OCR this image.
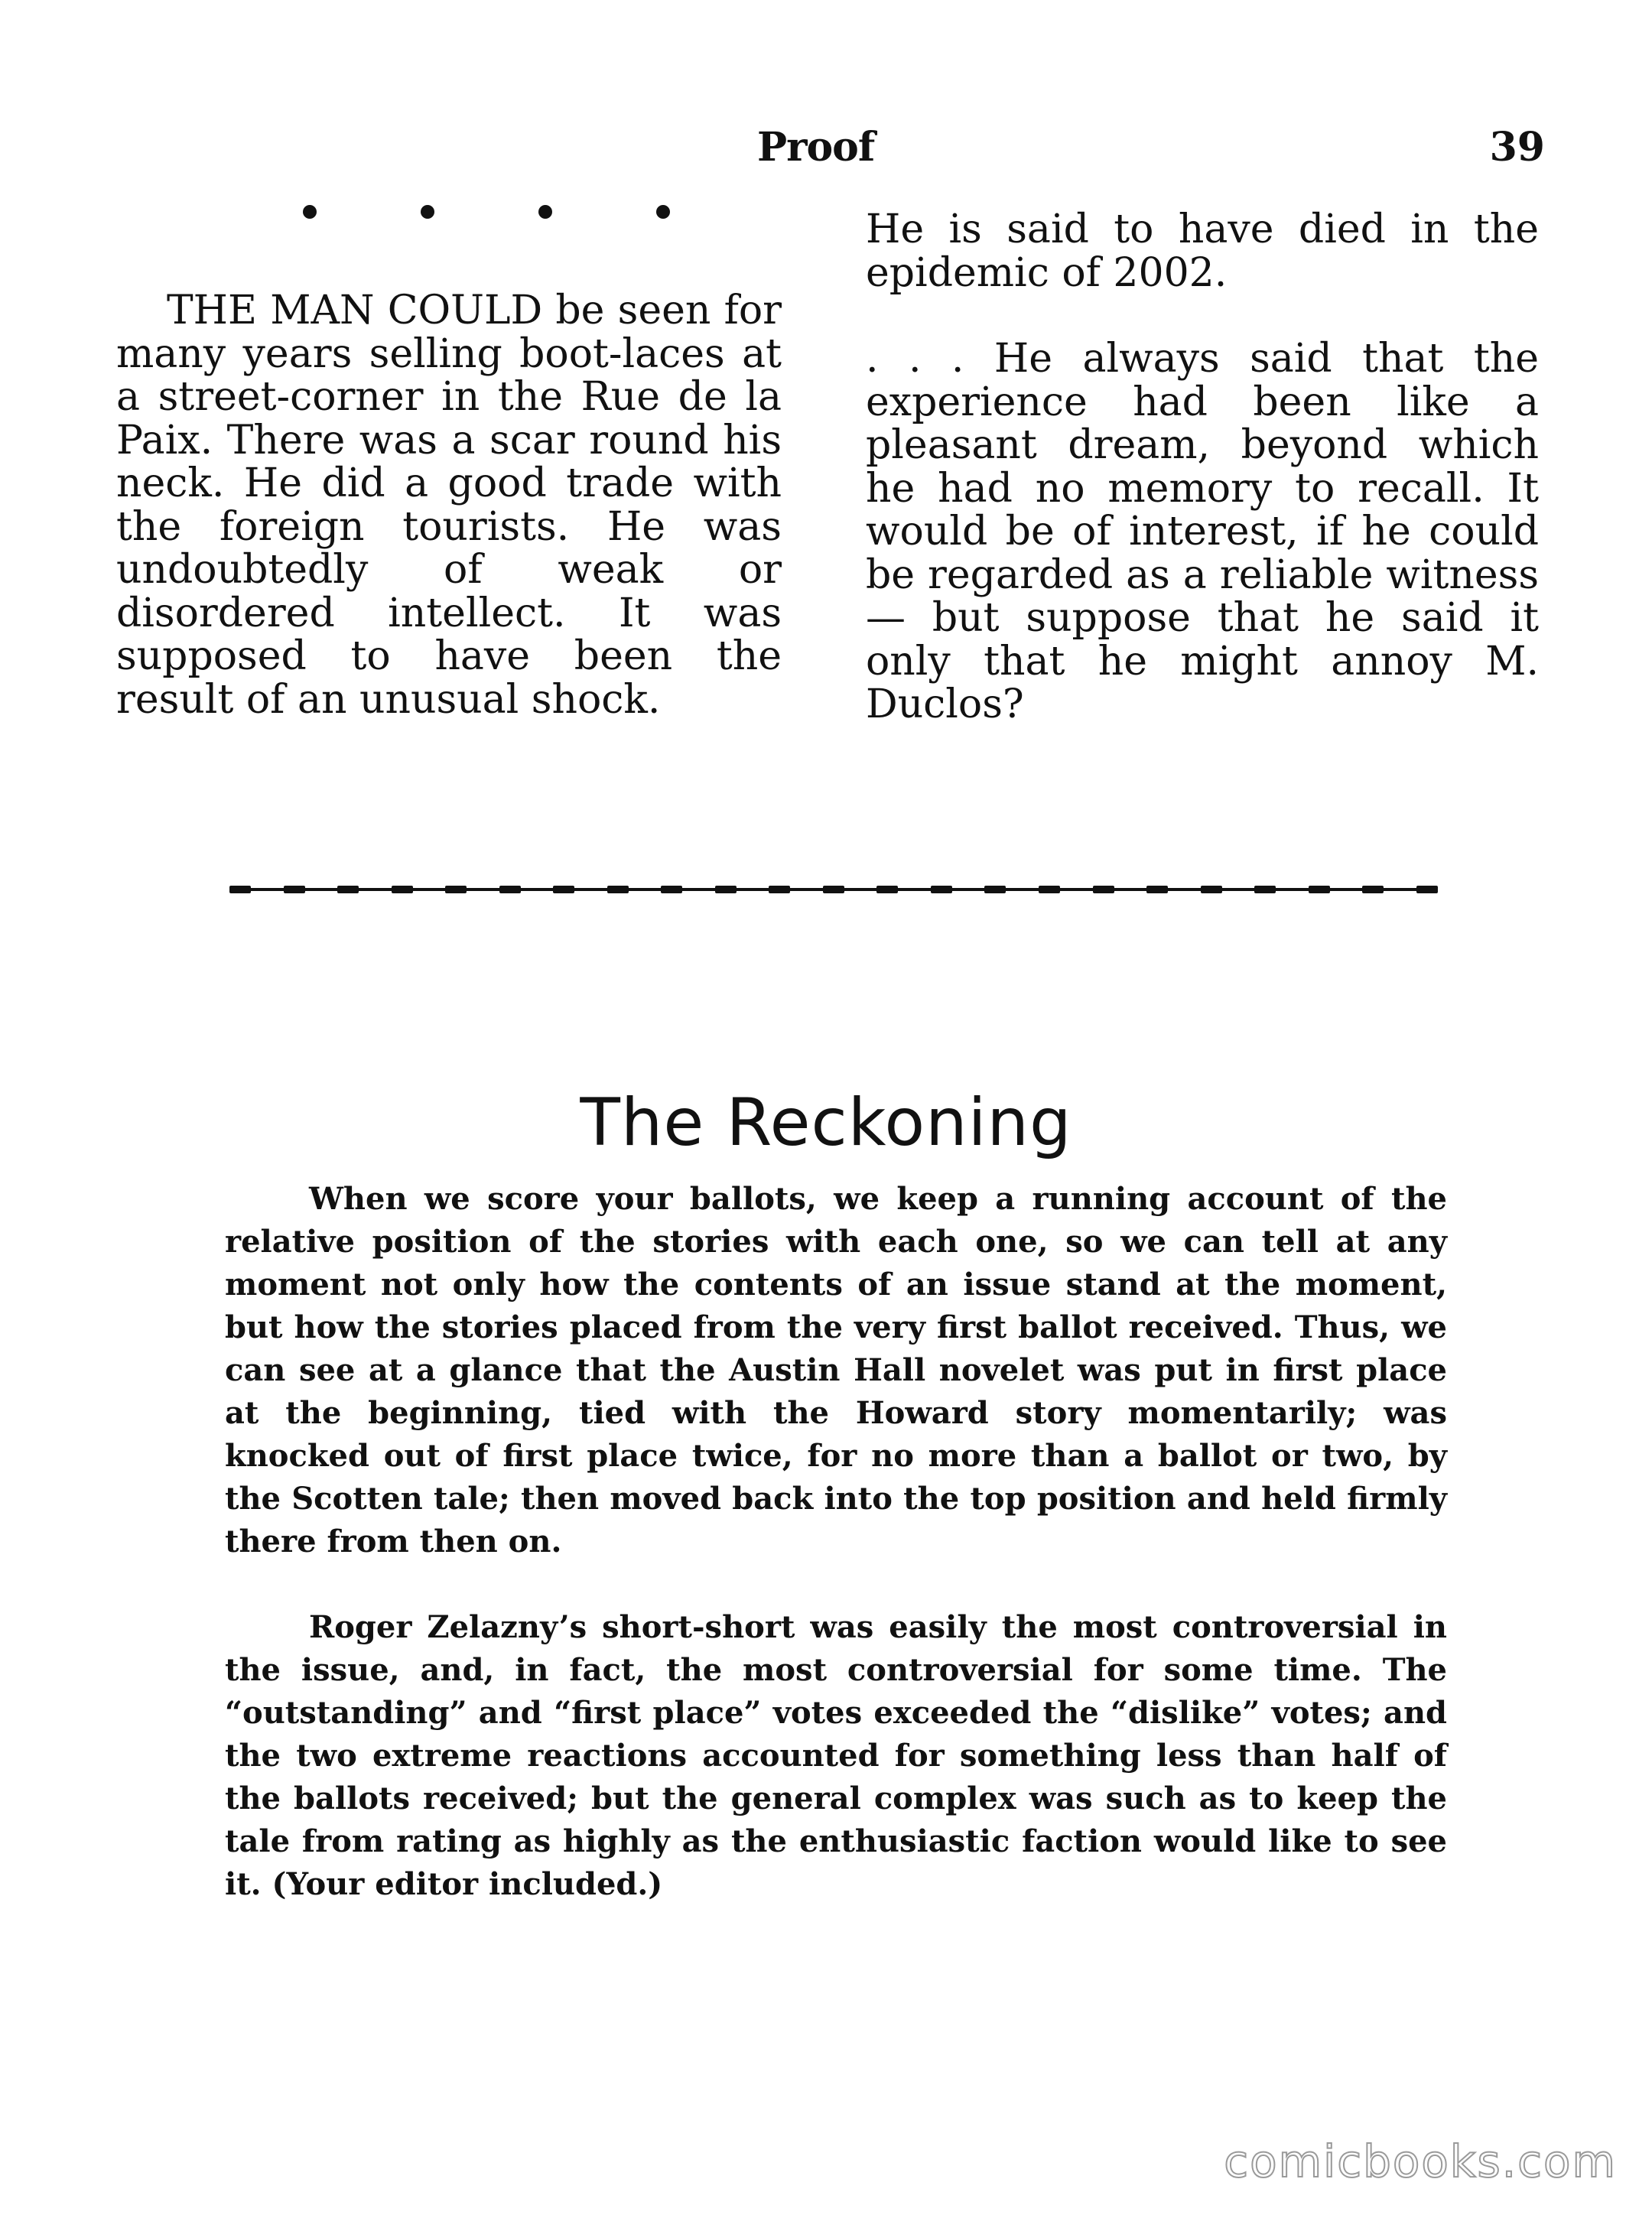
Proof	39

THE MAN COULD be seen for many years selling boot-laces at a street-corner in the Rue de la Paix. There was a scar round his neck. He did a good trade with the foreign tourists. He was undoubtedly of weak or disordered intellect. It was supposed to have been the result of an unusual shock.

He is said to have died in the epidemic of 2002.

. . . He always said that the experience had been like a pleasant dream, beyond which he had no memory to recall. It would be of interest, if he could be regarded as a reliable witness — but suppose that he said it only that he might annoy M. Duclos?

The Reckoning

When we score your ballots, we keep a running account of the relative position of the stories with each one, so we can tell at any moment not only how the contents of an issue stand at the moment, but how the stories placed from the very first ballot received. Thus, we can see at a glance that the Austin Hall novelet was put in first place at the beginning, tied with the Howard story momentarily; was knocked out of first place twice, for no more than a ballot or two, by the Scotten tale; then moved back into the top position and held firmly there from then on.

Roger Zelazny’s short-short was easily the most controversial in the issue, and, in fact, the most controversial for some time. The “outstanding” and “first place” votes exceeded the “dislike” votes; and the two extreme reactions accounted for something less than half of the ballots received; but the general complex was such as to keep the tale from rating as highly as the enthusiastic faction would like to see it. (Your editor included.)

comicbooks.com
